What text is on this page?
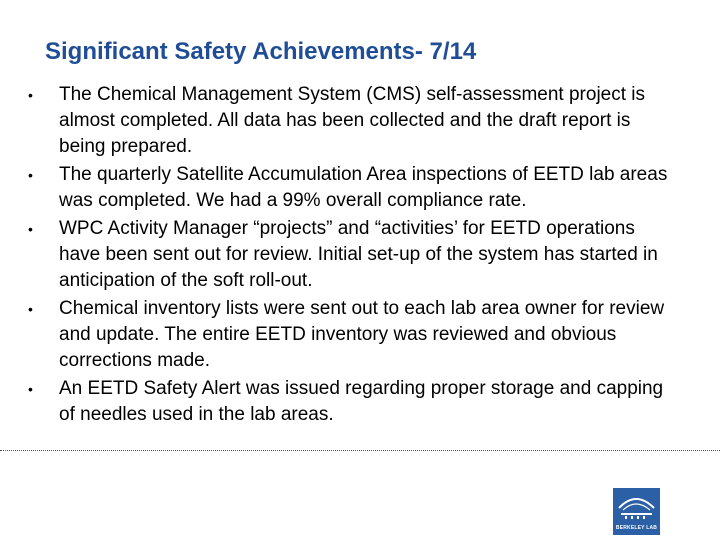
Significant Safety Achievements- 7/14
• The Chemical Management System (CMS) self-assessment project is almost completed. All data has been collected and the draft report is being prepared.
• The quarterly Satellite Accumulation Area inspections of EETD lab areas was completed. We had a 99% overall compliance rate.
• WPC Activity Manager “projects” and “activities’ for EETD operations have been sent out for review. Initial set-up of the system has started in anticipation of the soft roll-out.
• Chemical inventory lists were sent out to each lab area owner for review and update. The entire EETD inventory was reviewed and obvious corrections made.
• An EETD Safety Alert was issued regarding proper storage and capping of needles used in the lab areas.
BERKELEY LAB
